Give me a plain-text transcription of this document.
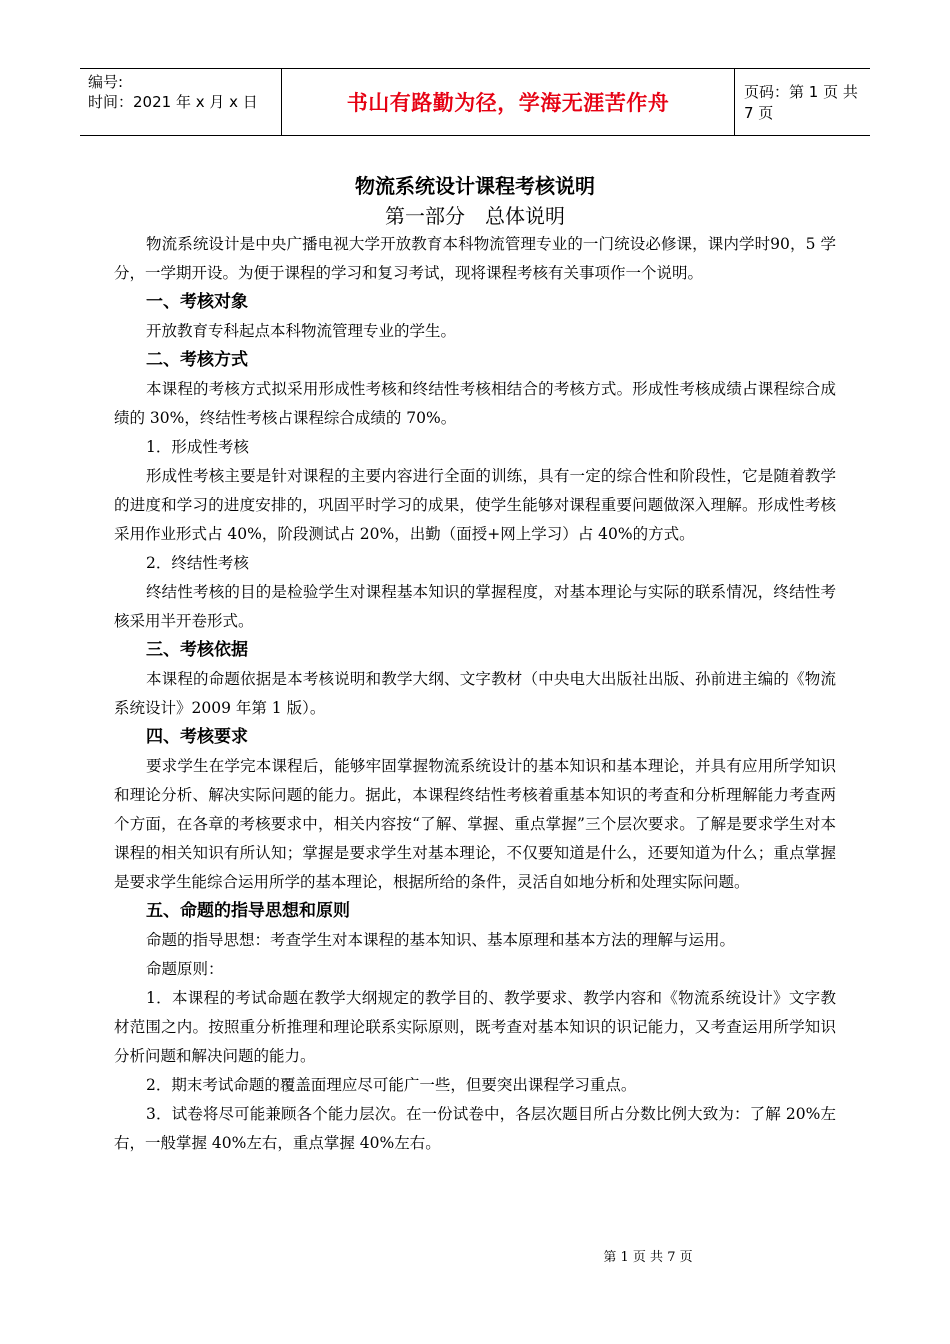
编号:
时间：2021 年 x 月 x 日	书山有路勤为径，学海无涯苦作舟	页码：第 1 页 共 7 页
物流系统设计课程考核说明
第一部分　总体说明

物流系统设计是中央广播电视大学开放教育本科物流管理专业的一门统设必修课，课内学时90，5 学分，一学期开设。为便于课程的学习和复习考试，现将课程考核有关事项作一个说明。

一、考核对象

开放教育专科起点本科物流管理专业的学生。

二、考核方式

本课程的考核方式拟采用形成性考核和终结性考核相结合的考核方式。形成性考核成绩占课程综合成绩的 30%，终结性考核占课程综合成绩的 70%。

1．形成性考核

形成性考核主要是针对课程的主要内容进行全面的训练，具有一定的综合性和阶段性，它是随着教学的进度和学习的进度安排的，巩固平时学习的成果，使学生能够对课程重要问题做深入理解。形成性考核采用作业形式占 40%，阶段测试占 20%，出勤（面授+网上学习）占 40%的方式。

2．终结性考核

终结性考核的目的是检验学生对课程基本知识的掌握程度，对基本理论与实际的联系情况，终结性考核采用半开卷形式。

三、考核依据

本课程的命题依据是本考核说明和教学大纲、文字教材（中央电大出版社出版、孙前进主编的《物流系统设计》2009 年第 1 版）。

四、考核要求

要求学生在学完本课程后，能够牢固掌握物流系统设计的基本知识和基本理论，并具有应用所学知识和理论分析、解决实际问题的能力。据此，本课程终结性考核着重基本知识的考查和分析理解能力考查两个方面，在各章的考核要求中，相关内容按“了解、掌握、重点掌握”三个层次要求。了解是要求学生对本课程的相关知识有所认知；掌握是要求学生对基本理论，不仅要知道是什么，还要知道为什么；重点掌握是要求学生能综合运用所学的基本理论，根据所给的条件，灵活自如地分析和处理实际问题。

五、命题的指导思想和原则

命题的指导思想：考查学生对本课程的基本知识、基本原理和基本方法的理解与运用。

命题原则：

1．本课程的考试命题在教学大纲规定的教学目的、教学要求、教学内容和《物流系统设计》文字教材范围之内。按照重分析推理和理论联系实际原则，既考查对基本知识的识记能力，又考查运用所学知识分析问题和解决问题的能力。

2．期末考试命题的覆盖面理应尽可能广一些，但要突出课程学习重点。

3．试卷将尽可能兼顾各个能力层次。在一份试卷中，各层次题目所占分数比例大致为：了解 20%左右，一般掌握 40%左右，重点掌握 40%左右。

第 1 页 共 7 页
